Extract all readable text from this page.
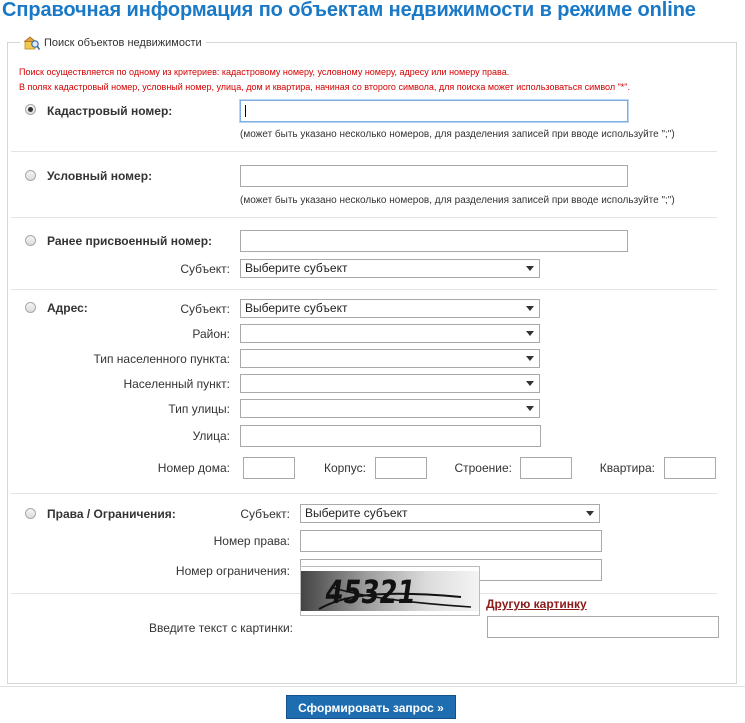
Справочная информация по объектам недвижимости в режиме online
Поиск объектов недвижимости
Поиск осуществляется по одному из критериев: кадастровому номеру, условному номеру, адресу или номеру права.
В полях кадастровый номер, условный номер, улица, дом и квартира, начиная со второго символа, для поиска может использоваться символ "*".
Кадастровый номер:
(может быть указано несколько номеров, для разделения записей при вводе используйте ";")
Условный номер:
(может быть указано несколько номеров, для разделения записей при вводе используйте ";")
Ранее присвоенный номер:
Субъект:	Выберите субъект
Адрес:	Субъект:	Выберите субъект
Район:
Тип населенного пункта:
Населенный пункт:
Тип улицы:
Улица:
Номер дома:	Корпус:	Строение:	Квартира:
Права / Ограничения:	Субъект:	Выберите субъект
Номер права:
Номер ограничения:
Введите текст с картинки:
45321	Другую картинку
Сформировать запрос »
